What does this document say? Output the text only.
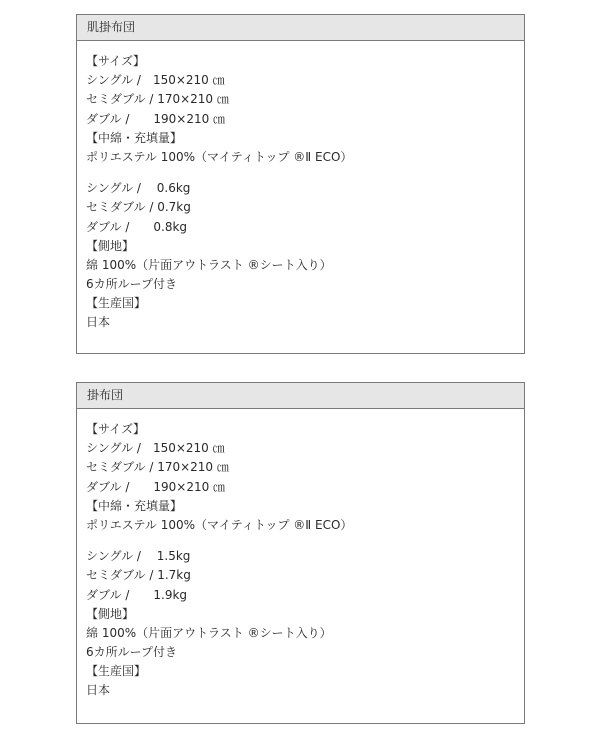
肌掛布団
【サイズ】
シングル /　150×210 ㎝
セミダブル / 170×210 ㎝
ダブル /　　190×210 ㎝
【中綿・充填量】
ポリエステル 100%（マイティトップ ®Ⅱ ECO）
シングル /　 0.6kg
セミダブル / 0.7kg
ダブル /　　0.8kg
【側地】
綿 100%（片面アウトラスト ®シート入り）
6カ所ループ付き
【生産国】
日本
掛布団
【サイズ】
シングル /　150×210 ㎝
セミダブル / 170×210 ㎝
ダブル /　　190×210 ㎝
【中綿・充填量】
ポリエステル 100%（マイティトップ ®Ⅱ ECO）
シングル /　 1.5kg
セミダブル / 1.7kg
ダブル /　　1.9kg
【側地】
綿 100%（片面アウトラスト ®シート入り）
6カ所ループ付き
【生産国】
日本
